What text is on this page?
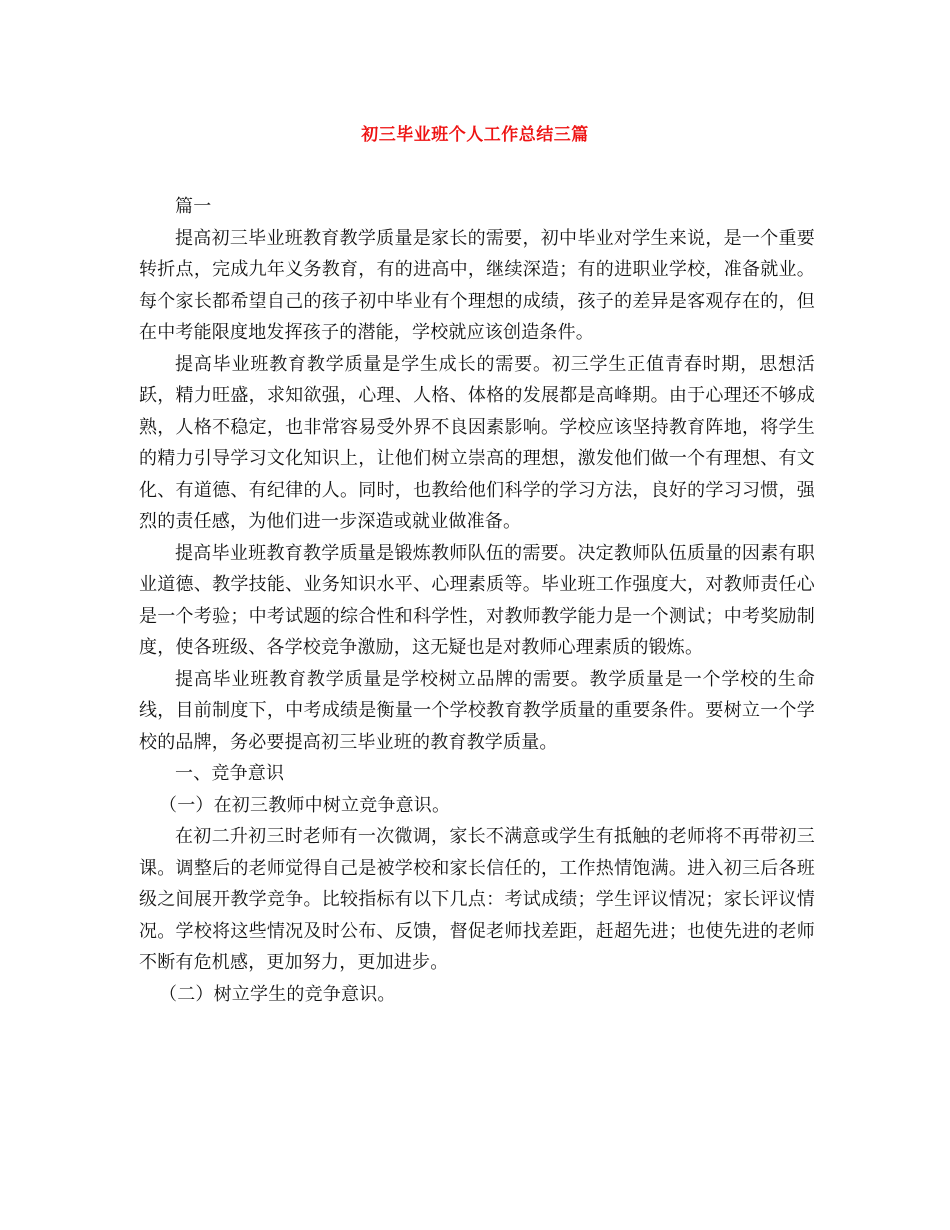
初三毕业班个人工作总结三篇

篇一

提高初三毕业班教育教学质量是家长的需要，初中毕业对学生来说，是一个重要转折点，完成九年义务教育，有的进高中，继续深造；有的进职业学校，准备就业。每个家长都希望自己的孩子初中毕业有个理想的成绩，孩子的差异是客观存在的，但在中考能限度地发挥孩子的潜能，学校就应该创造条件。

提高毕业班教育教学质量是学生成长的需要。初三学生正值青春时期，思想活跃，精力旺盛，求知欲强，心理、人格、体格的发展都是高峰期。由于心理还不够成熟，人格不稳定，也非常容易受外界不良因素影响。学校应该坚持教育阵地，将学生的精力引导学习文化知识上，让他们树立崇高的理想，激发他们做一个有理想、有文化、有道德、有纪律的人。同时，也教给他们科学的学习方法，良好的学习习惯，强烈的责任感，为他们进一步深造或就业做准备。

提高毕业班教育教学质量是锻炼教师队伍的需要。决定教师队伍质量的因素有职业道德、教学技能、业务知识水平、心理素质等。毕业班工作强度大，对教师责任心是一个考验；中考试题的综合性和科学性，对教师教学能力是一个测试；中考奖励制度，使各班级、各学校竞争激励，这无疑也是对教师心理素质的锻炼。

提高毕业班教育教学质量是学校树立品牌的需要。教学质量是一个学校的生命线，目前制度下，中考成绩是衡量一个学校教育教学质量的重要条件。要树立一个学校的品牌，务必要提高初三毕业班的教育教学质量。

一、竞争意识

（一）在初三教师中树立竞争意识。

在初二升初三时老师有一次微调，家长不满意或学生有抵触的老师将不再带初三课。调整后的老师觉得自己是被学校和家长信任的，工作热情饱满。进入初三后各班级之间展开教学竞争。比较指标有以下几点：考试成绩；学生评议情况；家长评议情况。学校将这些情况及时公布、反馈，督促老师找差距，赶超先进；也使先进的老师不断有危机感，更加努力，更加进步。

（二）树立学生的竞争意识。
